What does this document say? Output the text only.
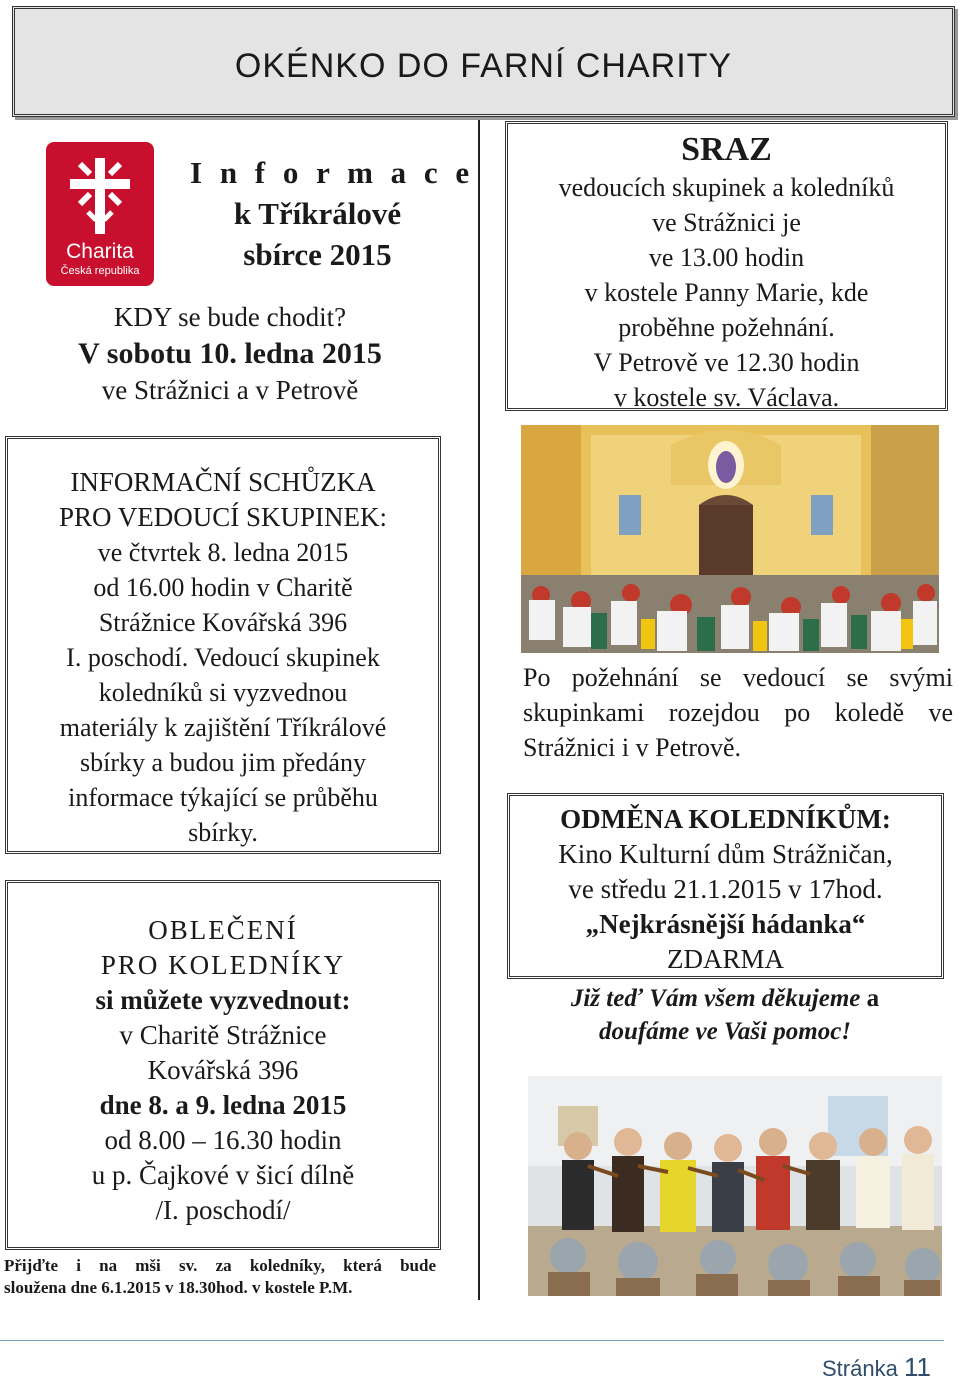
OKÉNKO DO FARNÍ CHARITY
Charita
Česká republika
I n f o r m a c e
k Tříkrálové
sbírce 2015
KDY se bude chodit?
V sobotu 10. ledna 2015
ve Strážnici a v Petrově
SRAZ
vedoucích skupinek a koledníků
ve Strážnici je
ve 13.00 hodin
v kostele Panny Marie, kde
proběhne požehnání.
V Petrově ve 12.30 hodin
v kostele sv. Václava.
Po požehnání se vedoucí se svými
skupinkami rozejdou po koledě ve
Strážnici i v Petrově.
INFORMAČNÍ SCHŮZKA
PRO VEDOUCÍ SKUPINEK:
ve čtvrtek 8. ledna 2015
od 16.00 hodin v Charitě
Strážnice Kovářská 396
I. poschodí. Vedoucí skupinek
koledníků si vyzvednou
materiály k zajištění Tříkrálové
sbírky a budou jim předány
informace týkající se průběhu
sbírky.	ODMĚNA KOLEDNÍKŮM:
Kino Kulturní dům Strážničan,
ve středu 21.1.2015 v 17hod.
„Nejkrásnější hádanka“
ZDARMA
Již teď Vám všem děkujeme a
doufáme ve Vaši pomoc!
OBLEČENÍ
PRO KOLEDNÍKY
si můžete vyzvednout:
v Charitě Strážnice
Kovářská 396
dne 8. a 9. ledna 2015
od 8.00 – 16.30 hodin
u p. Čajkové v šicí dílně
/I. poschodí/
Přijďte i na mši sv. za koledníky, která bude
sloužena dne 6.1.2015 v 18.30hod. v kostele P.M.
Stránka 11
